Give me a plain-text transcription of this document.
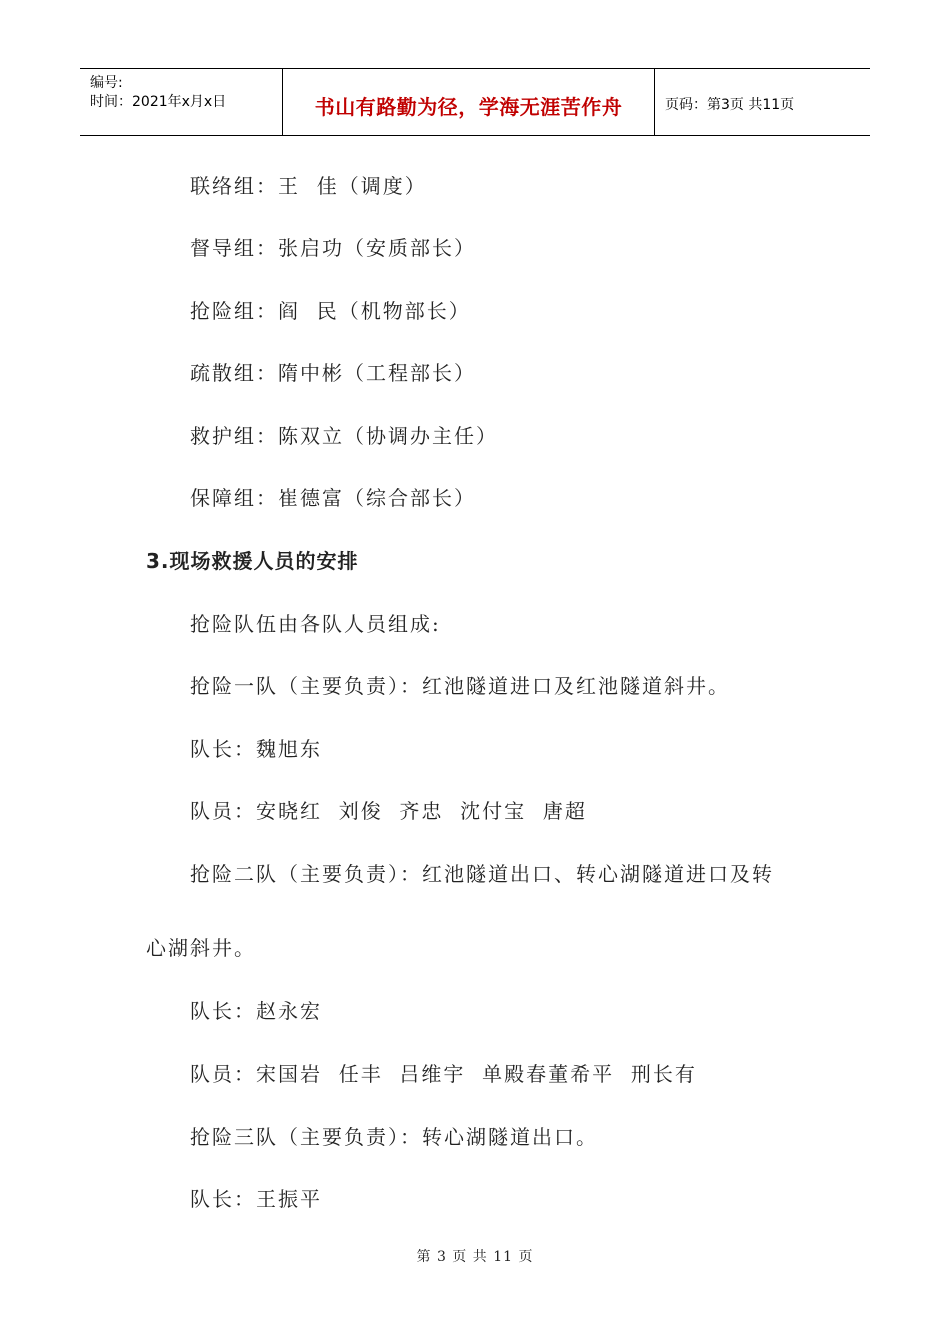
编号:
时间：2021年x月x日	书山有路勤为径，学海无涯苦作舟	页码：第3页 共11页
联络组：王  佳（调度）
督导组：张启功（安质部长）
抢险组：阎  民（机物部长）
疏散组：隋中彬（工程部长）
救护组：陈双立（协调办主任）
保障组：崔德富（综合部长）
3.现场救援人员的安排
抢险队伍由各队人员组成:
抢险一队（主要负责）：红池隧道进口及红池隧道斜井。
队长：魏旭东
队员：安晓红  刘俊  齐忠  沈付宝  唐超
抢险二队（主要负责）：红池隧道出口、转心湖隧道进口及转
心湖斜井。
队长：赵永宏
队员：宋国岩  任丰  吕维宇  单殿春董希平  刑长有
抢险三队（主要负责）：转心湖隧道出口。
队长：王振平
第 3 页 共 11 页
